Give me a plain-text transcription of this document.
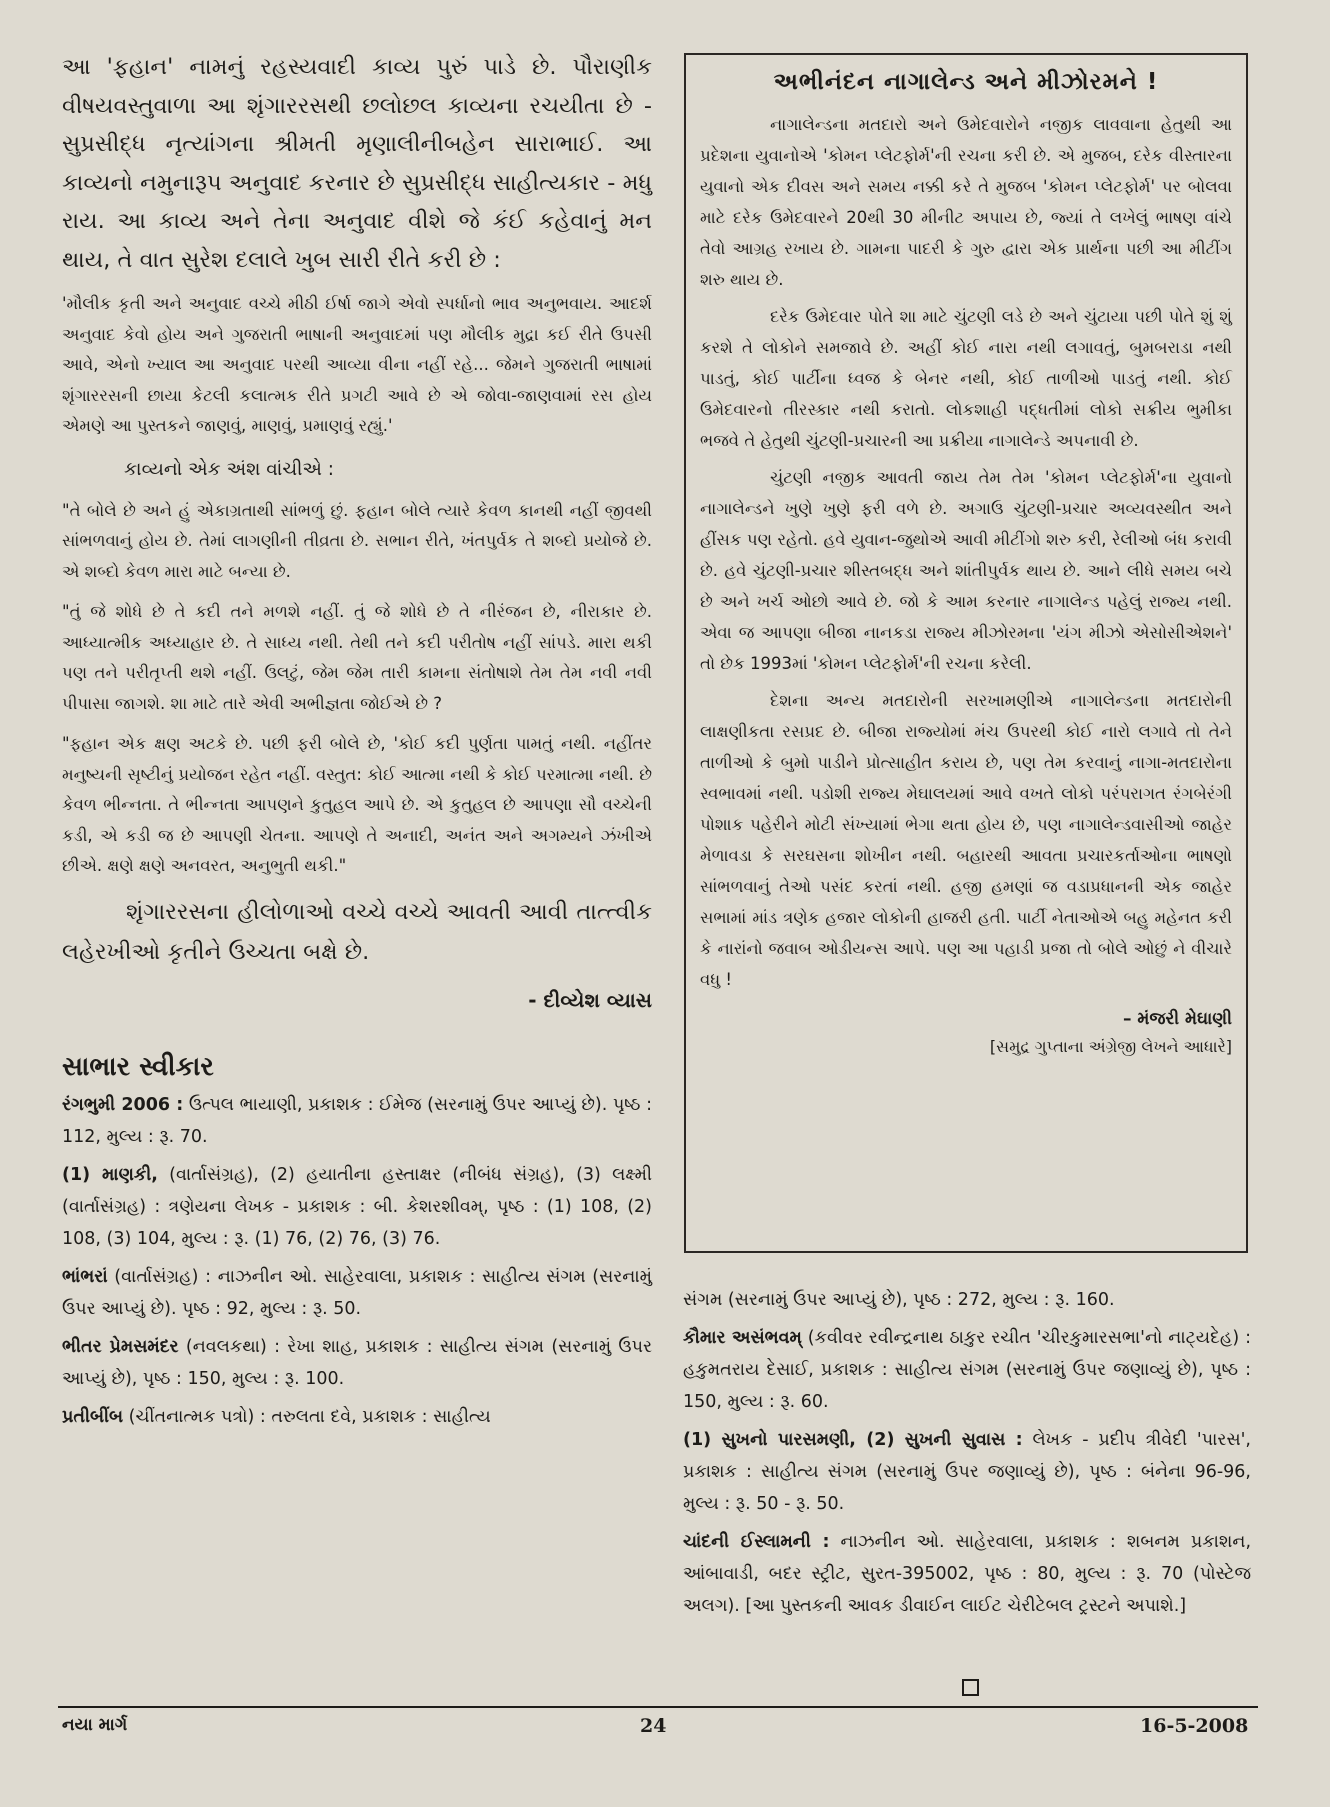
આ 'ફહાન' નામનું રહસ્યવાદી કાવ્ય પુરું પાડે છે. પૌરાણીક વીષયવસ્તુવાળા આ શૃંગારરસથી છલોછલ કાવ્યના રચયીતા છે - સુપ્રસીદ્ધ નૃત્યાંગના શ્રીમતી મૃણાલીનીબહેન સારાભાઈ. આ કાવ્યનો નમુનારૂપ અનુવાદ કરનાર છે સુપ્રસીદ્ધ સાહીત્યકાર - મધુ રાય. આ કાવ્ય અને તેના અનુવાદ વીશે જે કંઈ કહેવાનું મન થાય, તે વાત સુરેશ દલાલે ખુબ સારી રીતે કરી છે :

'મૌલીક કૃતી અને અનુવાદ વચ્ચે મીઠી ઈર્ષા જાગે એવો સ્પર્ધાનો ભાવ અનુભવાય. આદર્શ અનુવાદ કેવો હોય અને ગુજરાતી ભાષાની અનુવાદમાં પણ મૌલીક મુદ્રા કઈ રીતે ઉપસી આવે, એનો ખ્યાલ આ અનુવાદ પરથી આવ્યા વીના નહીં રહે... જેમને ગુજરાતી ભાષામાં શૃંગારરસની છાયા કેટલી કલાત્મક રીતે પ્રગટી આવે છે એ જોવા-જાણવામાં રસ હોય એમણે આ પુસ્તકને જાણવું, માણવું, પ્રમાણવું રહ્યું.'

કાવ્યનો એક અંશ વાંચીએ :

"તે બોલે છે અને હું એકાગ્રતાથી સાંભળું છું. ફહાન બોલે ત્યારે કેવળ કાનથી નહીં જીવથી સાંભળવાનું હોય છે. તેમાં લાગણીની તીવ્રતા છે. સભાન રીતે, ખંતપુર્વક તે શબ્દો પ્રયોજે છે. એ શબ્દો કેવળ મારા માટે બન્યા છે.

"તું જે શોધે છે તે કદી તને મળશે નહીં. તું જે શોધે છે તે નીરંજન છે, નીરાકાર છે. આધ્યાત્મીક અધ્યાહાર છે. તે સાધ્ય નથી. તેથી તને કદી પરીતોષ નહીં સાંપડે. મારા થકી પણ તને પરીતૃપ્તી થશે નહીં. ઉલટું, જેમ જેમ તારી કામના સંતોષાશે તેમ તેમ નવી નવી પીપાસા જાગશે. શા માટે તારે એવી અભીજ્ઞતા જોઈએ છે ?

"ફહાન એક ક્ષણ અટકે છે. પછી ફરી બોલે છે, 'કોઈ કદી પુર્ણતા પામતું નથી. નહીંતર મનુષ્યની સૃષ્ટીનું પ્રયોજન રહેત નહીં. વસ્તુત: કોઈ આત્મા નથી કે કોઈ પરમાત્મા નથી. છે કેવળ ભીન્નતા. તે ભીન્નતા આપણને કુતુહલ આપે છે. એ કુતુહલ છે આપણા સૌ વચ્ચેની કડી, એ કડી જ છે આપણી ચેતના. આપણે તે અનાદી, અનંત અને અગમ્યને ઝંખીએ છીએ. ક્ષણે ક્ષણે અનવરત, અનુભુતી થકી."

શૃંગારરસના હીલોળાઓ વચ્ચે વચ્ચે આવતી આવી તાત્ત્વીક લહેરખીઓ કૃતીને ઉચ્ચતા બક્ષે છે.

- દીવ્યેશ વ્યાસ

સાભાર સ્વીકાર

રંગભુમી 2006 : ઉત્પલ ભાયાણી, પ્રકાશક : ઈમેજ (સરનામું ઉપર આપ્યું છે). પૃષ્ઠ : 112, મુલ્ય : રૂ. 70.

(1) માણકી, (વાર્તાસંગ્રહ), (2) હયાતીના હસ્તાક્ષર (નીબંધ સંગ્રહ), (3) લક્ષ્મી (વાર્તાસંગ્રહ) : ત્રણેયના લેખક - પ્રકાશક : બી. કેશરશીવમ્, પૃષ્ઠ : (1) 108, (2) 108, (3) 104, મુલ્ય : રૂ. (1) 76, (2) 76, (3) 76.

ભાંભરાં (વાર્તાસંગ્રહ) : નાઝનીન ઓ. સાહેરવાલા, પ્રકાશક : સાહીત્ય સંગમ (સરનામું ઉપર આપ્યું છે). પૃષ્ઠ : 92, મુલ્ય : રૂ. 50.

ભીતર પ્રેમસમંદર (નવલકથા) : રેખા શાહ, પ્રકાશક : સાહીત્ય સંગમ (સરનામું ઉપર આપ્યું છે), પૃષ્ઠ : 150, મુલ્ય : રૂ. 100.

પ્રતીબીંબ (ચીંતનાત્મક પત્રો) : તરુલતા દવે, પ્રકાશક : સાહીત્ય

અભીનંદન નાગાલેન્ડ અને મીઝોરમને !

નાગાલેન્ડના મતદારો અને ઉમેદવારોને નજીક લાવવાના હેતુથી આ પ્રદેશના યુવાનોએ 'કોમન પ્લેટફોર્મ'ની રચના કરી છે. એ મુજબ, દરેક વીસ્તારના યુવાનો એક દીવસ અને સમય નક્કી કરે તે મુજબ 'કોમન પ્લેટફોર્મ' પર બોલવા માટે દરેક ઉમેદવારને 20થી 30 મીનીટ અપાય છે, જ્યાં તે લખેલું ભાષણ વાંચે તેવો આગ્રહ રખાય છે. ગામના પાદરી કે ગુરુ દ્વારા એક પ્રાર્થના પછી આ મીટીંગ શરુ થાય છે.

દરેક ઉમેદવાર પોતે શા માટે ચુંટણી લડે છે અને ચુંટાયા પછી પોતે શું શું કરશે તે લોકોને સમજાવે છે. અહીં કોઈ નારા નથી લગાવતું, બુમબરાડા નથી પાડતું, કોઈ પાર્ટીના ધ્વજ કે બેનર નથી, કોઈ તાળીઓ પાડતું નથી. કોઈ ઉમેદવારનો તીરસ્કાર નથી કરાતો. લોકશાહી પદ્ધતીમાં લોકો સક્રીય ભુમીકા ભજવે તે હેતુથી ચુંટણી-પ્રચારની આ પ્રક્રીયા નાગાલેન્ડે અપનાવી છે.

ચુંટણી નજીક આવતી જાય તેમ તેમ 'કોમન પ્લેટફોર્મ'ના યુવાનો નાગાલેન્ડને ખુણે ખુણે ફરી વળે છે. અગાઉ ચુંટણી-પ્રચાર અવ્યવસ્થીત અને હીંસક પણ રહેતો. હવે યુવાન-જુથોએ આવી મીટીંગો શરુ કરી, રેલીઓ બંધ કરાવી છે. હવે ચુંટણી-પ્રચાર શીસ્તબદ્ધ અને શાંતીપુર્વક થાય છે. આને લીધે સમય બચે છે અને ખર્ચ ઓછો આવે છે. જો કે આમ કરનાર નાગાલેન્ડ પહેલું રાજ્ય નથી. એવા જ આપણા બીજા નાનકડા રાજ્ય મીઝોરમના 'યંગ મીઝો એસોસીએશને' તો છેક 1993માં 'કોમન પ્લેટફોર્મ'ની રચના કરેલી.

દેશના અન્ય મતદારોની સરખામણીએ નાગાલેન્ડના મતદારોની લાક્ષણીકતા રસપ્રદ છે. બીજા રાજ્યોમાં મંચ ઉપરથી કોઈ નારો લગાવે તો તેને તાળીઓ કે બુમો પાડીને પ્રોત્સાહીત કરાય છે, પણ તેમ કરવાનું નાગા-મતદારોના સ્વભાવમાં નથી. પડોશી રાજ્ય મેઘાલયમાં આવે વખતે લોકો પરંપરાગત રંગબેરંગી પોશાક પહેરીને મોટી સંખ્યામાં ભેગા થતા હોય છે, પણ નાગાલેન્ડવાસીઓ જાહેર મેળાવડા કે સરઘસના શોખીન નથી. બહારથી આવતા પ્રચારકર્તાઓના ભાષણો સાંભળવાનું તેઓ પસંદ કરતાં નથી. હજી હમણાં જ વડાપ્રધાનની એક જાહેર સભામાં માંડ ત્રણેક હજાર લોકોની હાજરી હતી. પાર્ટી નેતાઓએ બહુ મહેનત કરી કે નારાંનો જવાબ ઓડીયન્સ આપે. પણ આ પહાડી પ્રજા તો બોલે ઓછું ને વીચારે વધુ !

– મંજરી મેઘાણી

[સમુદ્ર ગુપ્તાના અંગ્રેજી લેખને આધારે]

સંગમ (સરનામું ઉપર આપ્યું છે), પૃષ્ઠ : 272, મુલ્ય : રૂ. 160.

કૌમાર અસંભવમ્ (કવીવર રવીન્દ્રનાથ ઠાકુર રચીત 'ચીરકુમારસભા'નો નાટ્યદેહ) : હકુમતરાય દેસાઈ, પ્રકાશક : સાહીત્ય સંગમ (સરનામું ઉપર જણાવ્યું છે), પૃષ્ઠ : 150, મુલ્ય : રૂ. 60.

(1) સુખનો પારસમણી, (2) સુખની સુવાસ : લેખક - પ્રદીપ ત્રીવેદી 'પારસ', પ્રકાશક : સાહીત્ય સંગમ (સરનામું ઉપર જણાવ્યું છે), પૃષ્ઠ : બંનેના 96-96, મુલ્ય : રૂ. 50 - રૂ. 50.

ચાંદની ઈસ્લામની : નાઝનીન ઓ. સાહેરવાલા, પ્રકાશક : શબનમ પ્રકાશન, આંબાવાડી, બદર સ્ટ્રીટ, સુરત-395002, પૃષ્ઠ : 80, મુલ્ય : રૂ. 70 (પોસ્ટેજ અલગ). [આ પુસ્તકની આવક ડીવાઈન લાઈટ ચેરીટેબલ ટ્રસ્ટને અપાશે.]

નયા માર્ગ	24	16-5-2008
